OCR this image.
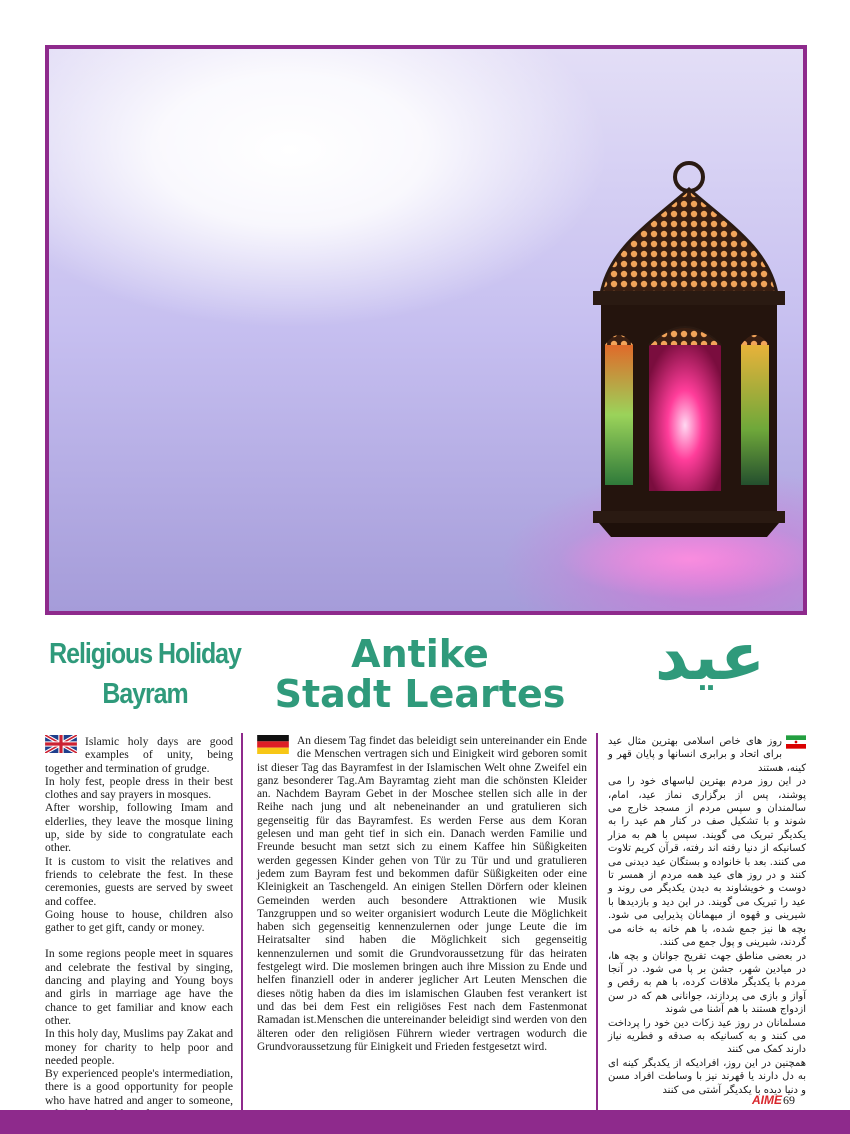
Religious Holiday
Bayram
Antike
Stadt Leartes	عید

Islamic holy days are good examples of unity, being together and termination of grudge.

In holy fest, people dress in their best clothes and say prayers in mosques.

After worship, following Imam and elderlies, they leave the mosque lining up, side by side to congratulate each other.

It is custom to visit the relatives and friends to celebrate the fest. In these ceremonies, guests are served by sweet and coffee.

Going house to house, children also gather to get gift, candy or money.

In some regions people meet in squares and celebrate the festival by singing, dancing and playing and Young boys and girls in marriage age have the chance to get familiar and know each other.

In this holy day, Muslims pay Zakat and money for charity to help poor and needed people.

By experienced people's intermediation, there is a good opportunity for people who have hatred and anger to someone,

An diesem Tag findet das beleidigt sein untereinander ein Ende die Menschen vertragen sich und Einigkeit wird geboren somit ist dieser Tag das Bayramfest in der Islamischen Welt ohne Zweifel ein ganz besonderer Tag.Am Bayramtag zieht man die schönsten Kleider an. Nachdem Bayram Gebet in der Moschee stellen sich alle in der Reihe nach jung und alt nebeneinander an und gratulieren sich gegenseitig für das Bayramfest. Es werden Ferse aus dem Koran gelesen und man geht tief in sich ein. Danach werden Familie und Freunde besucht man setzt sich zu einem Kaffee hin Süßigkeiten werden gegessen Kinder gehen von Tür zu Tür und und gratulieren jedem zum Bayram fest und bekommen dafür Süßigkeiten oder eine Kleinigkeit an Taschengeld. An einigen Stellen Dörfern oder kleinen Gemeinden werden auch besondere Attraktionen wie Musik Tanzgruppen und so weiter organisiert wodurch Leute die Möglichkeit haben sich gegenseitig kennenzulernen oder junge Leute die im Heiratsalter sind haben die Möglichkeit sich gegenseitig kennenzulernen und somit die Grundvoraussetzung für das heiraten festgelegt wird. Die moslemen bringen auch ihre Mission zu Ende und helfen finanziell oder in anderer jeglicher Art Leuten Menschen die dieses nötig haben da dies im islamischen Glauben fest verankert ist und das bei dem Fest ein religiöses Fest nach dem Fastenmonat Ramadan ist.Menschen die untereinander beleidigt sind werden von den älteren oder den religiösen Führern wieder vertragen wodurch die Grundvoraussetzung für Einigkeit und Frieden festgesetzt wird.

روز های خاص اسلامی بهترین مثال عید برای اتحاد و برابری انسانها و پایان قهر و کینه، هستند

در این روز مردم بهترین لباسهای خود را می پوشند، پس از برگزاری نماز عید، امام، سالمندان و سپس مردم از مسجد خارج می شوند و با تشکیل صف در کنار هم عید را به یکدیگر تبریک می گویند. سپس با هم به مزار کسانیکه از دنیا رفته اند رفته، قرآن کریم تلاوت می کنند. بعد با خانواده و بستگان عید دیدنی می کنند و در روز های عید همه مردم از همسر تا دوست و خویشاوند به دیدن یکدیگر می روند و عید را تبریک می گویند. در این دید و بازدیدها با شیرینی و قهوه از میهمانان پذیرایی می شود. بچه ها نیز جمع شده، با هم خانه به خانه می گردند، شیرینی و پول جمع می کنند.

در بعضی مناطق جهت تفریح جوانان و بچه ها، در میادین شهر، جشن بر پا می شود. در آنجا مردم با یکدیگر ملاقات کرده، با هم به رقص و آواز و بازی می پردازند، جوانانی هم که در سن ازدواج هستند با هم آشنا می شوند

مسلمانان در روز عید زکات دین خود را پرداخت می کنند و به کسانیکه به صدقه و فطریه نیاز دارند کمک می کنند

همچنین در این روز، افرادیکه از یکدیگر کینه ای به دل دارند یا قهرند نیز با وساطت افراد مسن و دنیا دیده با یکدیگر آشتی می کنند

AIME 69
